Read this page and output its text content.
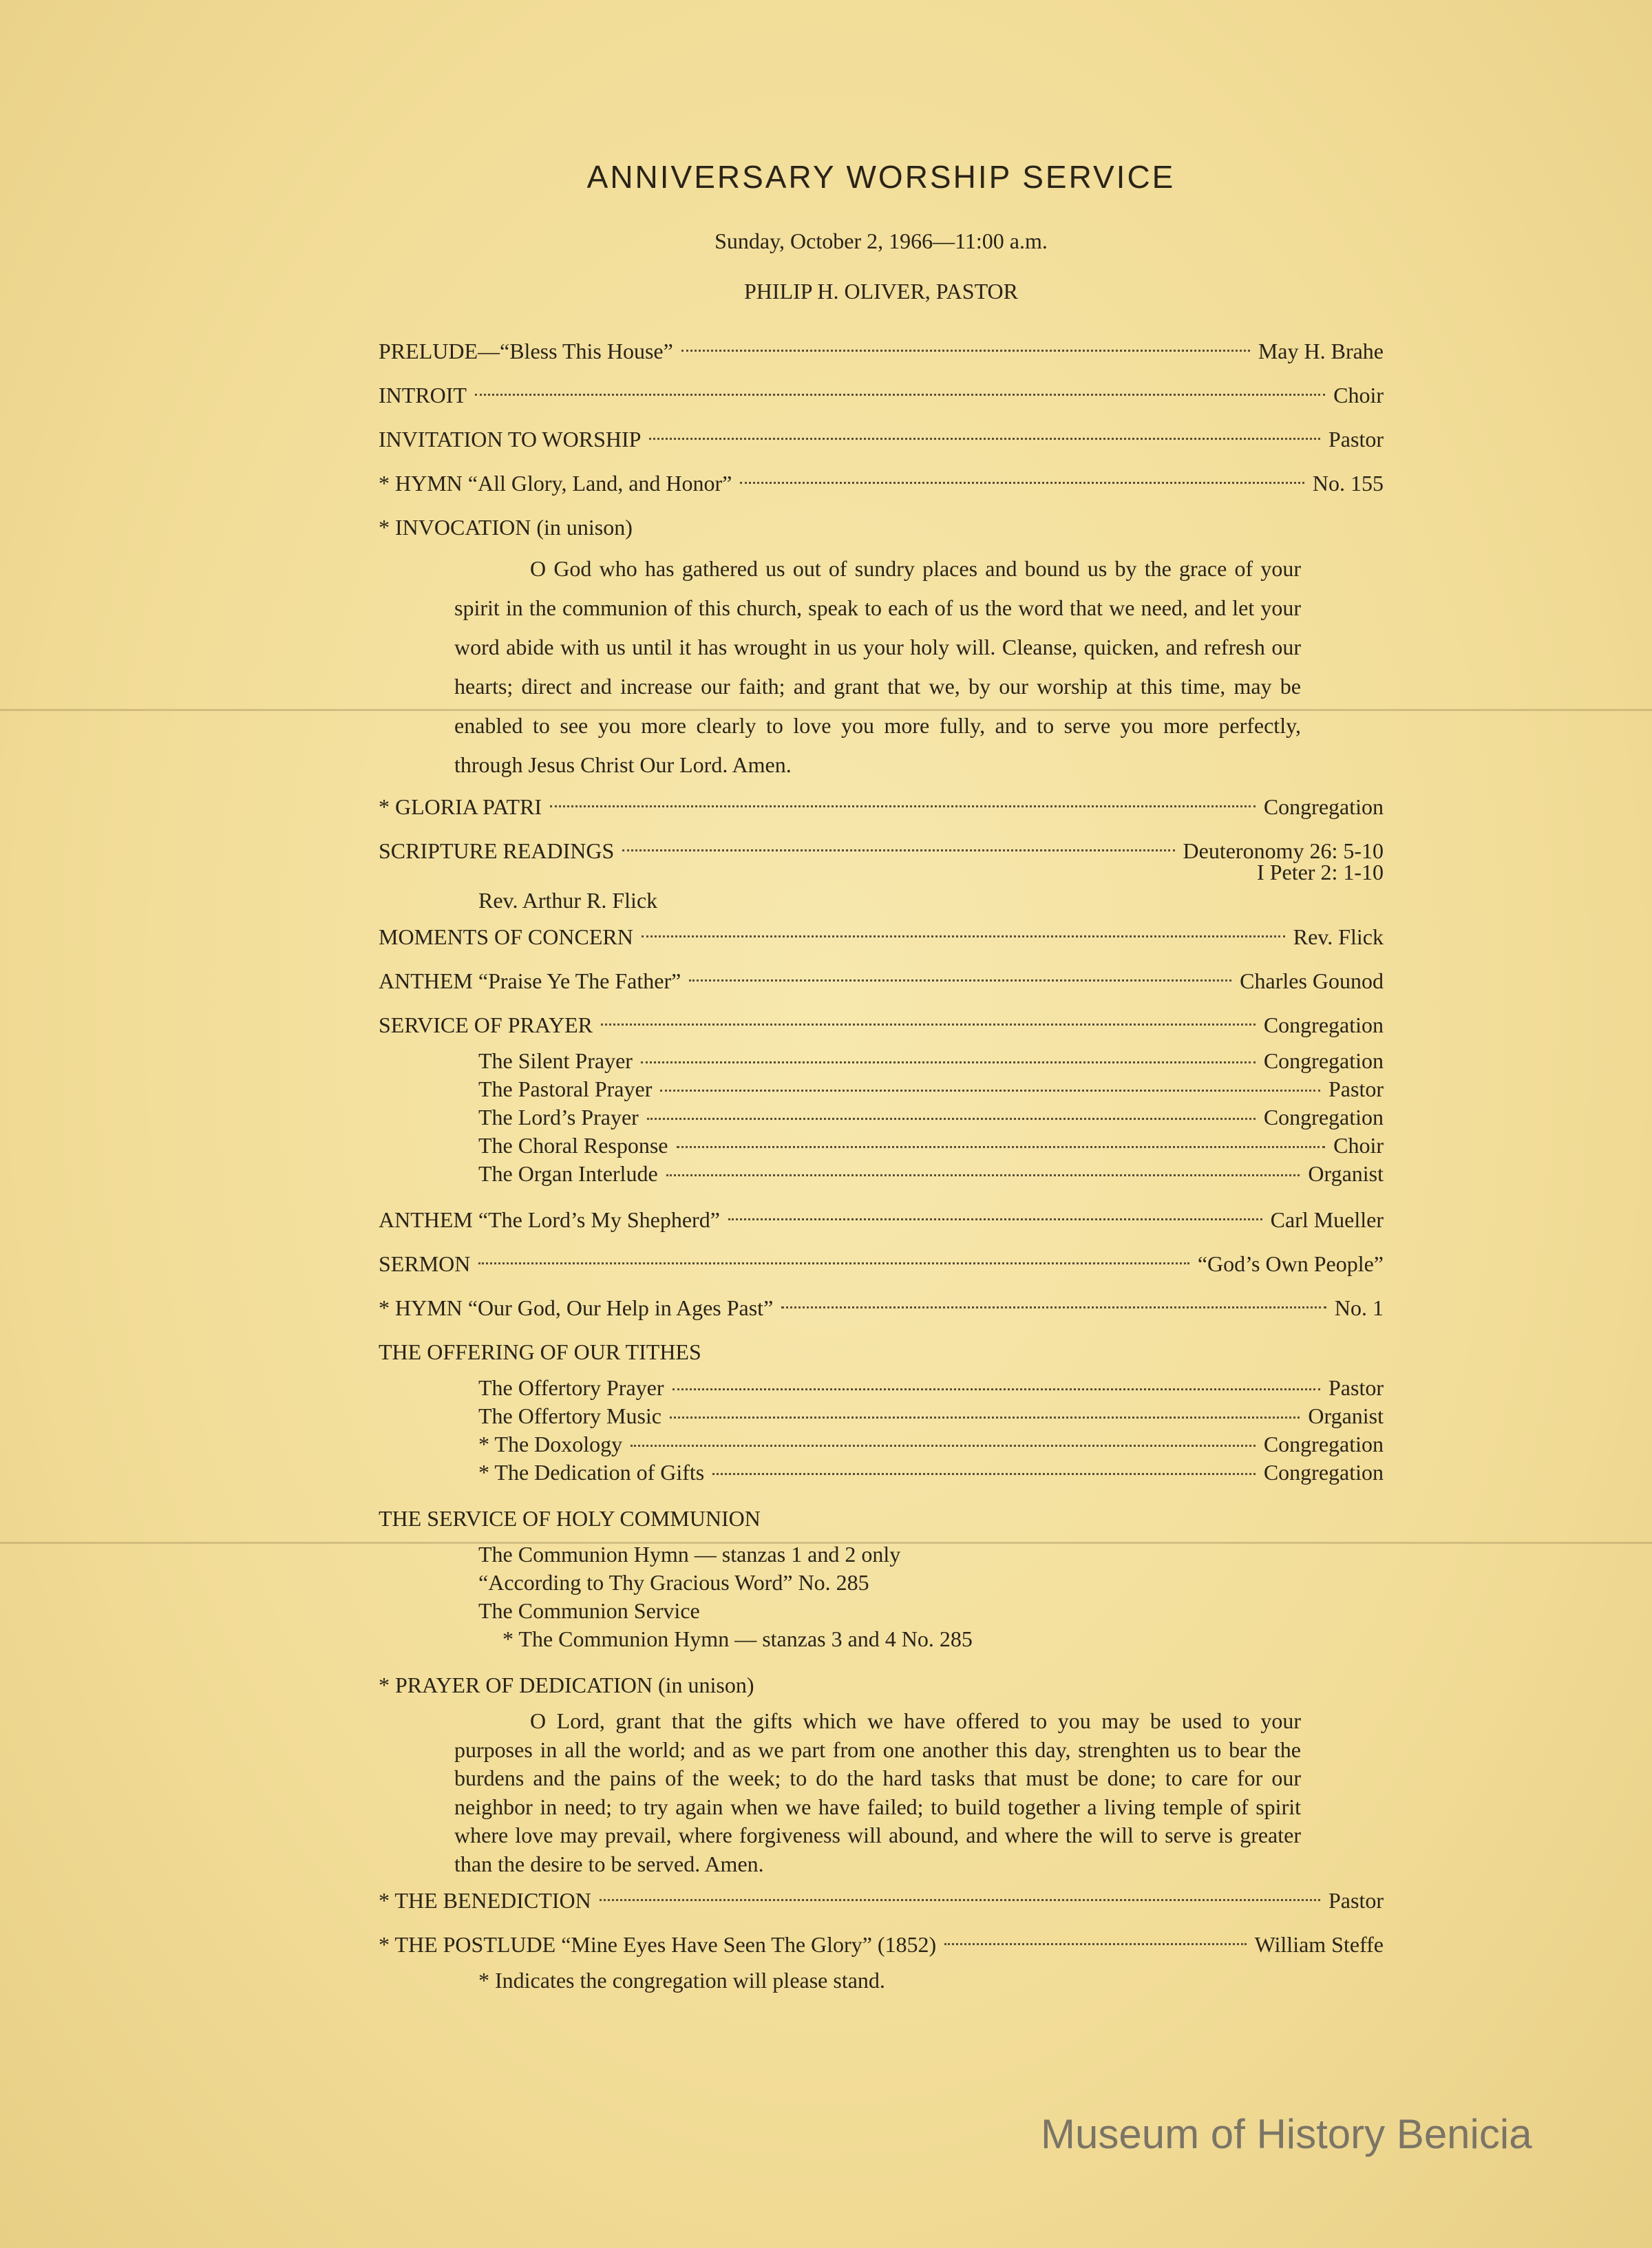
ANNIVERSARY WORSHIP SERVICE
Sunday, October 2, 1966—11:00 a.m.
PHILIP H. OLIVER, PASTOR
PRELUDE—“Bless This House”	May H. Brahe
INTROIT	Choir
INVITATION TO WORSHIP	Pastor
* HYMN “All Glory, Land, and Honor”	No. 155
* INVOCATION (in unison)

O God who has gathered us out of sundry places and bound us by the grace of your spirit in the communion of this church, speak to each of us the word that we need, and let your word abide with us until it has wrought in us your holy will. Cleanse, quicken, and refresh our hearts; direct and increase our faith; and grant that we, by our worship at this time, may be enabled to see you more clearly to love you more fully, and to serve you more perfectly, through Jesus Christ Our Lord. Amen.

* GLORIA PATRI	Congregation
SCRIPTURE READINGS	Deuteronomy 26: 5-10
I Peter 2: 1-10
Rev. Arthur R. Flick
MOMENTS OF CONCERN	Rev. Flick
ANTHEM “Praise Ye The Father”	Charles Gounod
SERVICE OF PRAYER	Congregation
The Silent Prayer	Congregation
The Pastoral Prayer	Pastor
The Lord’s Prayer	Congregation
The Choral Response	Choir
The Organ Interlude	Organist
ANTHEM “The Lord’s My Shepherd”	Carl Mueller
SERMON	“God’s Own People”
* HYMN “Our God, Our Help in Ages Past”	No. 1
THE OFFERING OF OUR TITHES
The Offertory Prayer	Pastor
The Offertory Music	Organist
* The Doxology	Congregation
* The Dedication of Gifts	Congregation
THE SERVICE OF HOLY COMMUNION
The Communion Hymn — stanzas 1 and 2 only
“According to Thy Gracious Word” No. 285
The Communion Service
* The Communion Hymn — stanzas 3 and 4 No. 285
* PRAYER OF DEDICATION (in unison)

O Lord, grant that the gifts which we have offered to you may be used to your purposes in all the world; and as we part from one another this day, strenghten us to bear the burdens and the pains of the week; to do the hard tasks that must be done; to care for our neighbor in need; to try again when we have failed; to build together a living temple of spirit where love may prevail, where forgiveness will abound, and where the will to serve is greater than the desire to be served. Amen.

* THE BENEDICTION	Pastor
* THE POSTLUDE “Mine Eyes Have Seen The Glory” (1852)	William Steffe
* Indicates the congregation will please stand.
Museum of History Benicia
